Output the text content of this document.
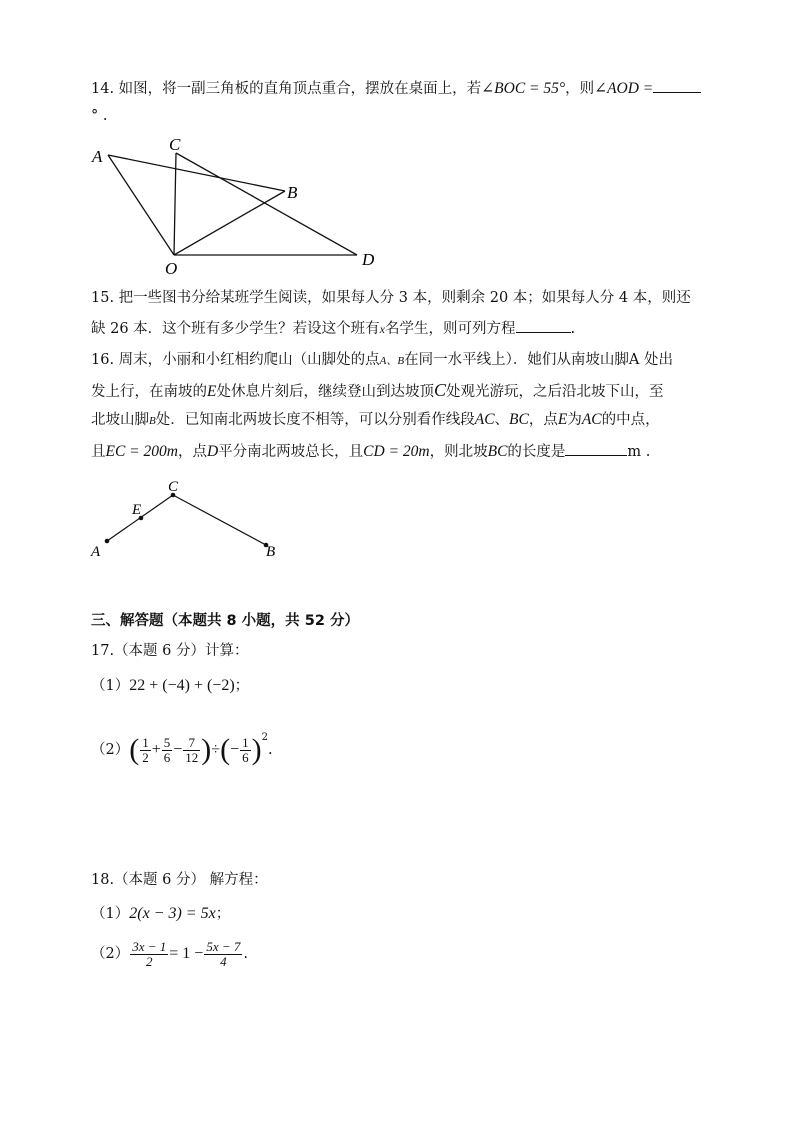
14. 如图，将一副三角板的直角顶点重合，摆放在桌面上，若∠BOC = 55°，则∠AOD =
° .
A
C
B
O	D
C
E
A	B
15. 把一些图书分给某班学生阅读，如果每人分 3 本，则剩余 20 本；如果每人分 4 本，则还
缺 26 本．这个班有多少学生？若设这个班有x名学生，则可列方程	.
16. 周末，小丽和小红相约爬山（山脚处的点A、B在同一水平线上）．她们从南坡山脚A 处出
发上行，在南坡的E处休息片刻后，继续登山到达坡顶C处观光游玩，之后沿北坡下山，至
北坡山脚B处．已知南北两坡长度不相等，可以分别看作线段AC、BC，点E为AC的中点，
且EC = 200m，点D平分南北两坡总长，且CD = 20m，则北坡BC的长度是	m .
三、解答题（本题共 8 小题，共 52 分）
17.（本题 6 分）计算：
（1）22 + (−4) + (−2)；
$(2)( \frac{1}{2} + \frac{5}{6} - \frac{7}{12}$ )÷(− $\frac{1}{6} )^2$.
18.（本题 6 分） 解方程：
（1）2(x − 3) = 5x；
$(2) \frac{3x - 1}{2} = 1 - \frac{5x - 7}{4}$ .
